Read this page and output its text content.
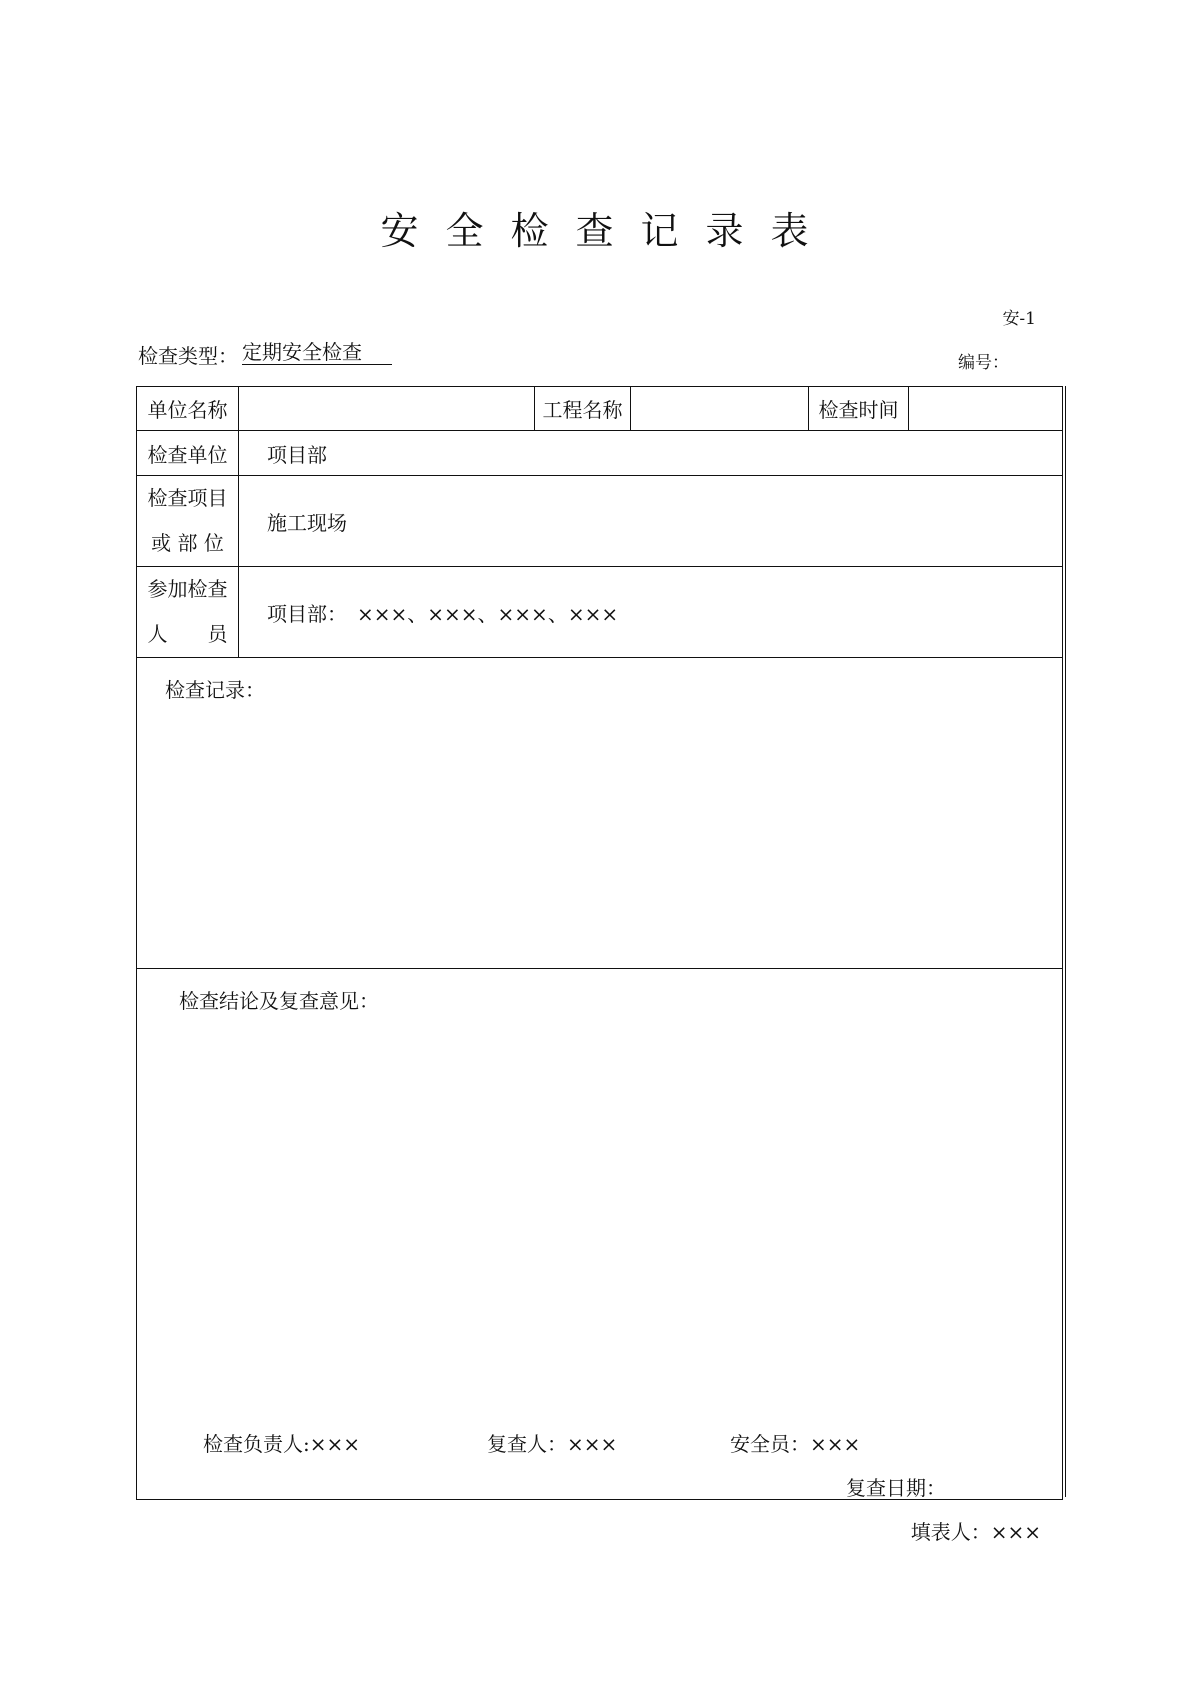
安全检查记录表
安-1
检查类型： 定期安全检查	编号：
单位名称		工程名称		检查时间	
检查单位	项目部				

检查项目
或 部 位	施工现场				

参加检查
人　　员	项目部：　×××、×××、×××、×××				

检查记录：					

检查结论及复查意见：					
检查负责人:×××	复查人：×××	安全员：×××
复查日期：
填表人：×××
